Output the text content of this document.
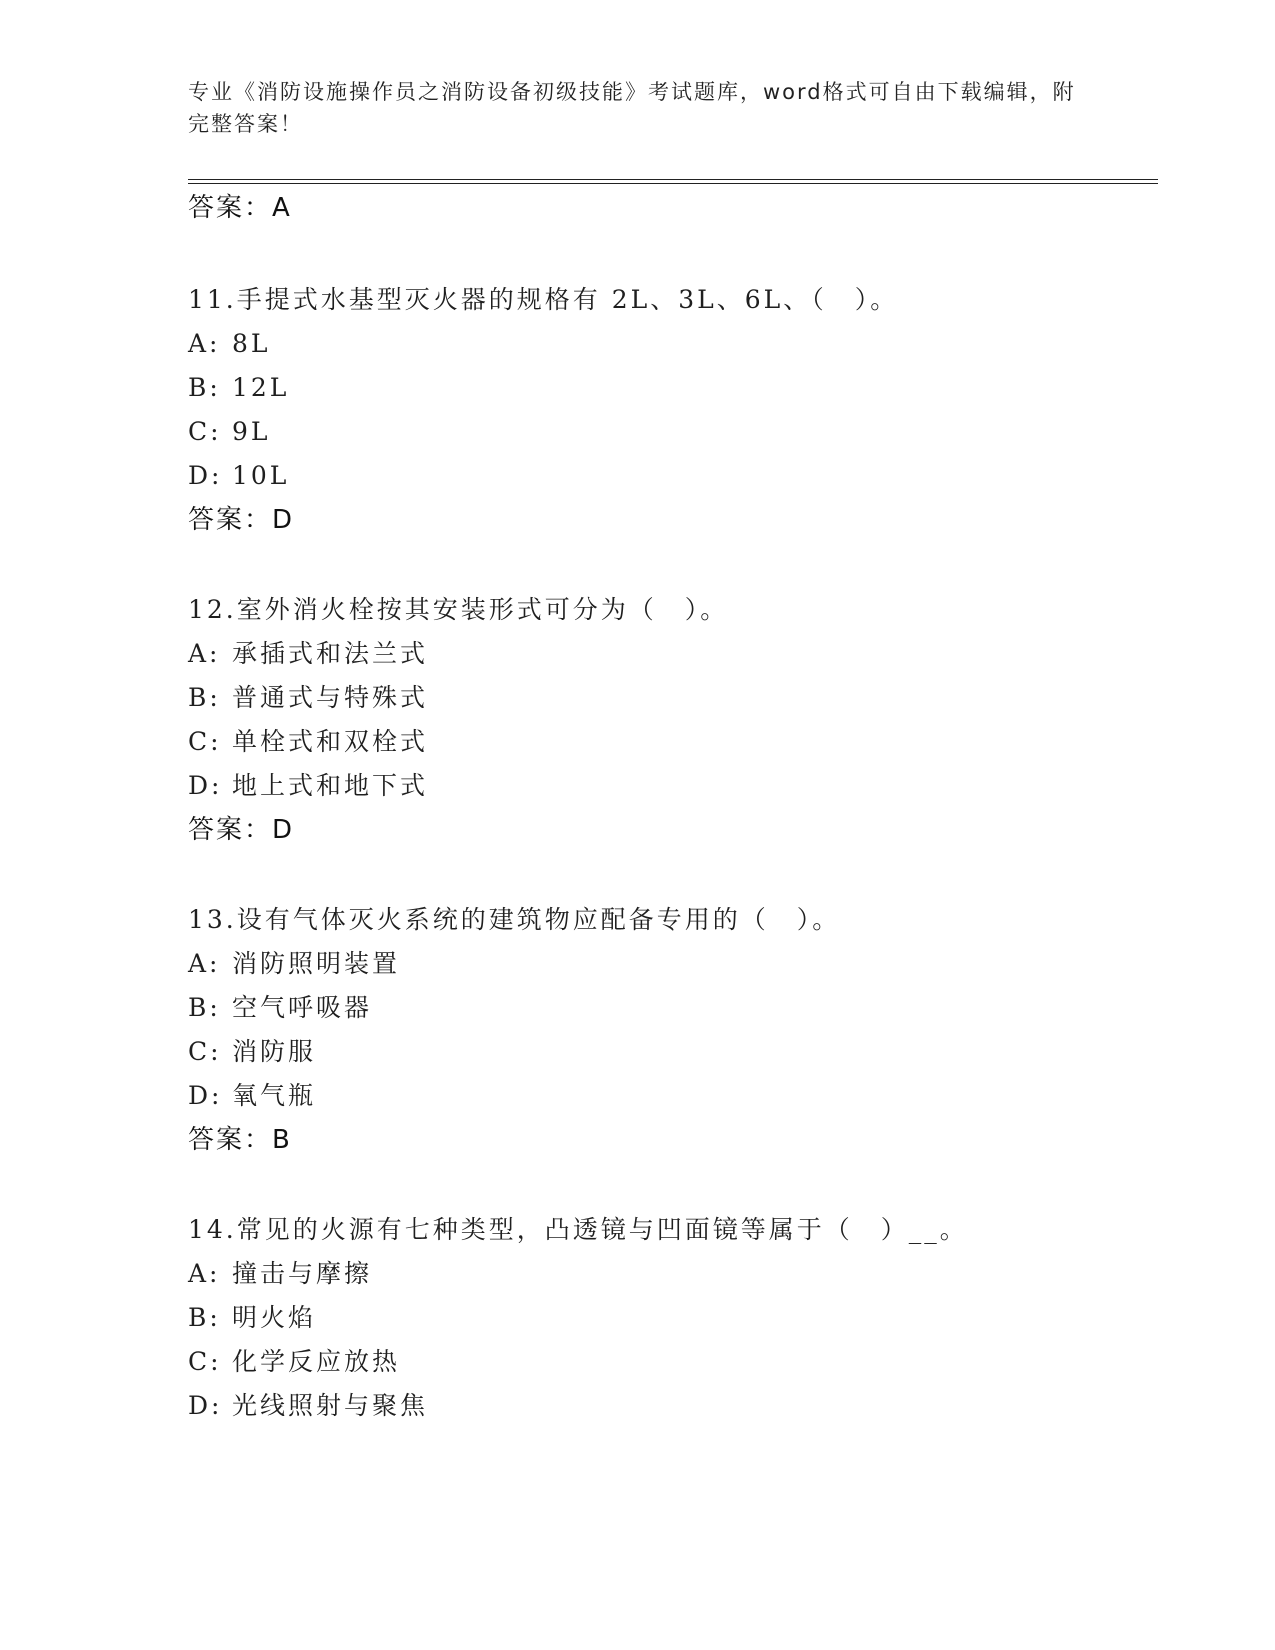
专业《消防设施操作员之消防设备初级技能》考试题库，word格式可自由下载编辑，附完整答案！
答案：A
11.手提式水基型灭火器的规格有 2L、3L、6L、（　）。
A: 8L
B: 12L
C: 9L
D: 10L
答案：D
12.室外消火栓按其安装形式可分为（　）。
A: 承插式和法兰式
B: 普通式与特殊式
C: 单栓式和双栓式
D: 地上式和地下式
答案：D
13.设有气体灭火系统的建筑物应配备专用的（　）。
A: 消防照明装置
B: 空气呼吸器
C: 消防服
D: 氧气瓶
答案：B
14.常见的火源有七种类型，凸透镜与凹面镜等属于（　）__。
A: 撞击与摩擦
B: 明火焰
C: 化学反应放热
D: 光线照射与聚焦
